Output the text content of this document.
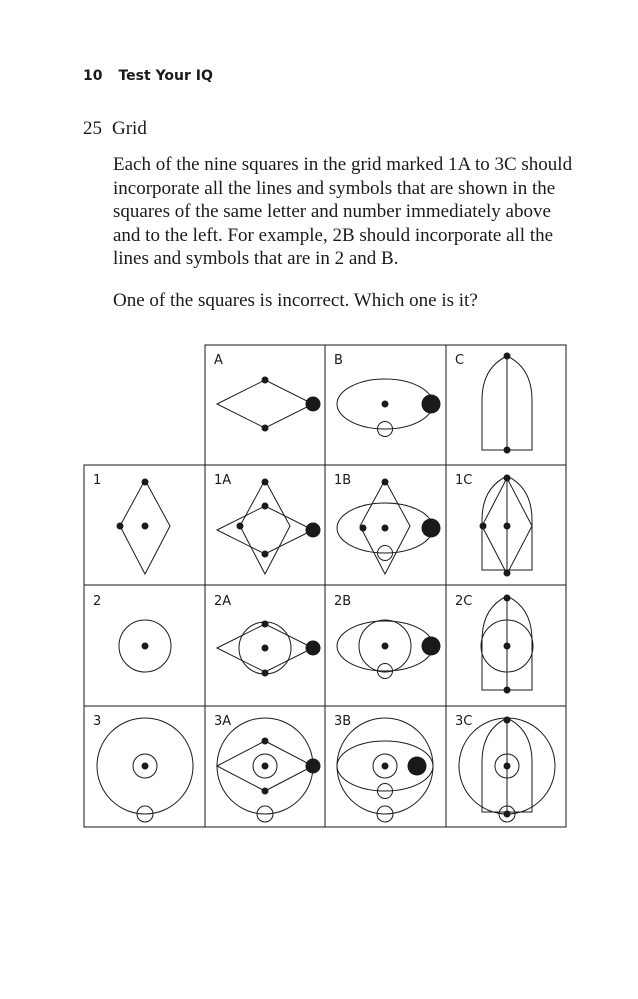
10 Test Your IQ
25 Grid

Each of the nine squares in the grid marked 1A to 3C should incorporate all the lines and symbols that are shown in the squares of the same letter and number immediately above and to the left. For example, 2B should incorporate all the lines and symbols that are in 2 and B.

One of the squares is incorrect. Which one is it?

A	B	C
1	1A	1B	1C
2	2A	2B	2C
3	3A	3B	3C
